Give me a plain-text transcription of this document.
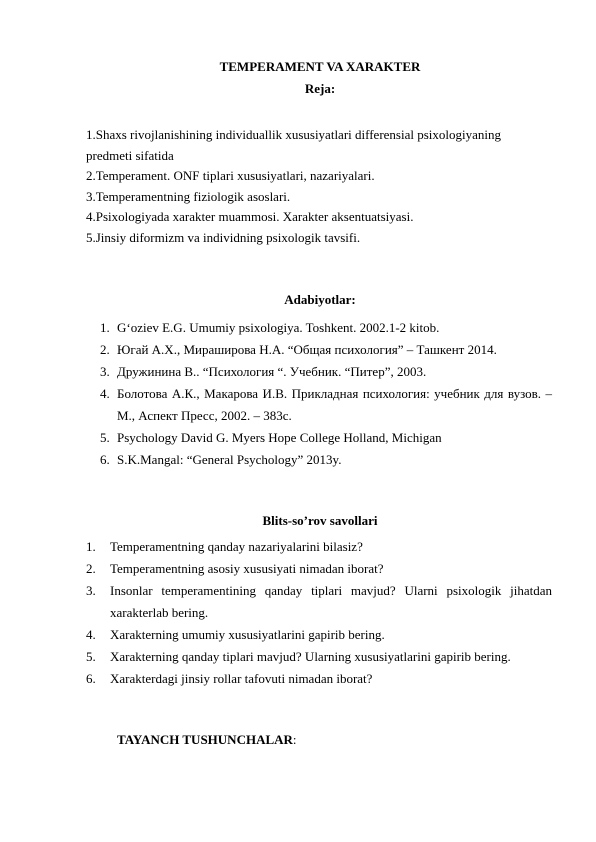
TEMPERAMENT VA XARAKTER
Reja:
1.Shaxs rivojlanishining individuallik xususiyatlari differensial psixologiyaning
predmeti sifatida
2.Temperament. ONF tiplari xususiyatlari, nazariyalari.
3.Temperamentning fiziologik asoslari.
4.Psixologiyada xarakter muammosi. Xarakter aksentuatsiyasi.
5.Jinsiy diformizm va individning psixologik tavsifi.
Adabiyotlar:
1. G‘oziev E.G. Umumiy psixologiya. Toshkent. 2002.1-2 kitob.
2. Югай А.Х., Мираширова Н.А. “Общая психология” – Ташкент 2014.
3. Дружинина В.. “Психология “. Учебник. “Питер”, 2003.
4. Болотова А.К., Макарова И.В. Прикладная психология: учебник для вузов. –М., Аспект Пресс, 2002. – 383с.
5. Psychology David G. Myers Hope College Holland, Michigan
6. S.K.Mangal: “General Psychology” 2013y.
Blits-so’rov savollari
1.	Temperamentning qanday nazariyalarini bilasiz?
2.	Temperamentning asosiy xususiyati nimadan iborat?
3.	Insonlar temperamentining qanday tiplari mavjud? Ularni psixologik jihatdan xarakterlab bering.
4.	Xarakterning umumiy xususiyatlarini gapirib bering.
5.	Xarakterning qanday tiplari mavjud? Ularning xususiyatlarini gapirib bering.
6.	Xarakterdagi jinsiy rollar tafovuti nimadan iborat?
TAYANCH TUSHUNCHALAR:
